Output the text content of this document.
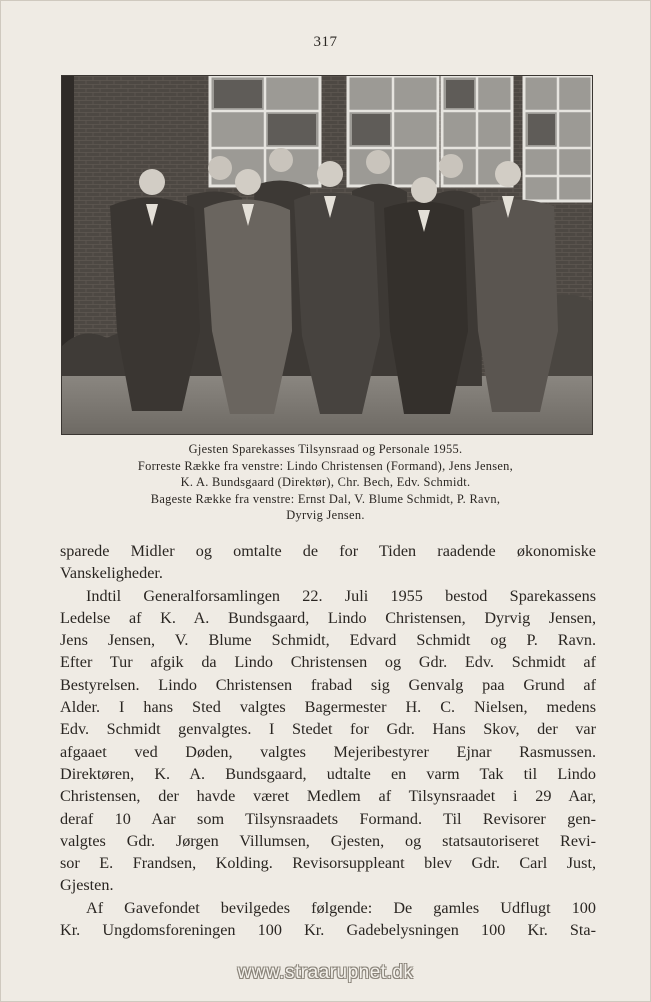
317
Gjesten Sparekasses Tilsynsraad og Personale 1955.
Forreste Række fra venstre: Lindo Christensen (Formand), Jens Jensen,
K. A. Bundsgaard (Direktør), Chr. Bech, Edv. Schmidt.
Bageste Række fra venstre: Ernst Dal, V. Blume Schmidt, P. Ravn,
Dyrvig Jensen.
sparede Midler og omtalte de for Tiden raadende økonomiske
Vanskeligheder.
Indtil Generalforsamlingen 22. Juli 1955 bestod Sparekassens
Ledelse af K. A. Bundsgaard, Lindo Christensen, Dyrvig Jensen,
Jens Jensen, V. Blume Schmidt, Edvard Schmidt og P. Ravn.
Efter Tur afgik da Lindo Christensen og Gdr. Edv. Schmidt af
Bestyrelsen. Lindo Christensen frabad sig Genvalg paa Grund af
Alder. I hans Sted valgtes Bagermester H. C. Nielsen, medens
Edv. Schmidt genvalgtes. I Stedet for Gdr. Hans Skov, der var
afgaaet ved Døden, valgtes Mejeribestyrer Ejnar Rasmussen.
Direktøren, K. A. Bundsgaard, udtalte en varm Tak til Lindo
Christensen, der havde været Medlem af Tilsynsraadet i 29 Aar,
deraf 10 Aar som Tilsynsraadets Formand. Til Revisorer gen-
valgtes Gdr. Jørgen Villumsen, Gjesten, og statsautoriseret Revi-
sor E. Frandsen, Kolding. Revisorsuppleant blev Gdr. Carl Just,
Gjesten.
Af Gavefondet bevilgedes følgende: De gamles Udflugt 100
Kr. Ungdomsforeningen 100 Kr. Gadebelysningen 100 Kr. Sta-
www.straarupnet.dk
